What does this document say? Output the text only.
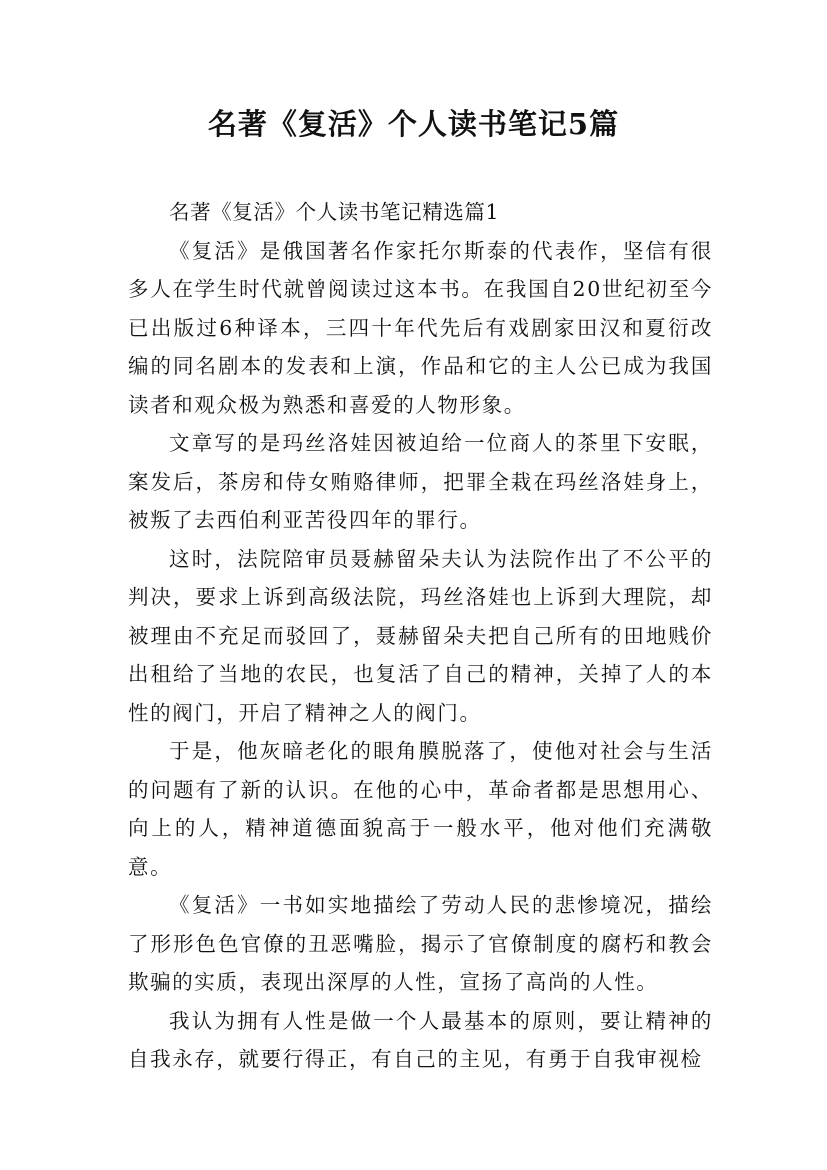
名著《复活》个人读书笔记5篇

名著《复活》个人读书笔记精选篇1

《复活》是俄国著名作家托尔斯泰的代表作，坚信有很多人在学生时代就曾阅读过这本书。在我国自20世纪初至今已出版过6种译本，三四十年代先后有戏剧家田汉和夏衍改编的同名剧本的发表和上演，作品和它的主人公已成为我国读者和观众极为熟悉和喜爱的人物形象。

文章写的是玛丝洛娃因被迫给一位商人的茶里下安眠，案发后，茶房和侍女贿赂律师，把罪全栽在玛丝洛娃身上，被叛了去西伯利亚苦役四年的罪行。

这时，法院陪审员聂赫留朵夫认为法院作出了不公平的判决，要求上诉到高级法院，玛丝洛娃也上诉到大理院，却被理由不充足而驳回了，聂赫留朵夫把自己所有的田地贱价出租给了当地的农民，也复活了自己的精神，关掉了人的本性的阀门，开启了精神之人的阀门。

于是，他灰暗老化的眼角膜脱落了，使他对社会与生活的问题有了新的认识。在他的心中，革命者都是思想用心、向上的人，精神道德面貌高于一般水平，他对他们充满敬意。

《复活》一书如实地描绘了劳动人民的悲惨境况，描绘了形形色色官僚的丑恶嘴脸，揭示了官僚制度的腐朽和教会欺骗的实质，表现出深厚的人性，宣扬了高尚的人性。

我认为拥有人性是做一个人最基本的原则，要让精神的自我永存，就要行得正，有自己的主见，有勇于自我审视检
